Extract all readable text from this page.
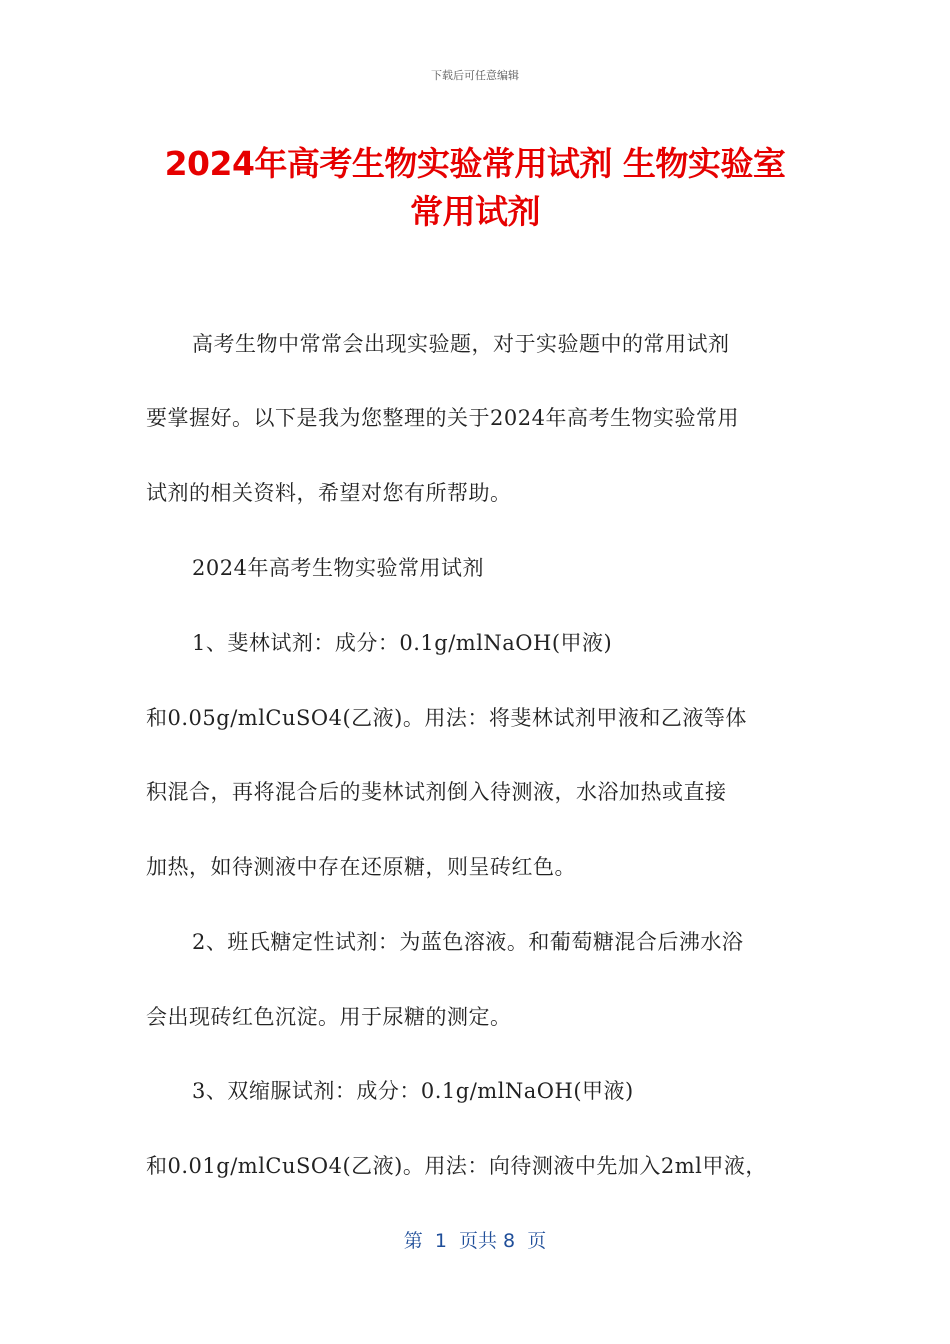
下载后可任意编辑
2024年高考生物实验常用试剂 生物实验室
常用试剂
高考生物中常常会出现实验题，对于实验题中的常用试剂
要掌握好。以下是我为您整理的关于2024年高考生物实验常用
试剂的相关资料，希望对您有所帮助。
2024年高考生物实验常用试剂
1、斐林试剂：成分：0.1g/mlNaOH(甲液)
和0.05g/mlCuSO4(乙液)。用法：将斐林试剂甲液和乙液等体
积混合，再将混合后的斐林试剂倒入待测液，水浴加热或直接
加热，如待测液中存在还原糖，则呈砖红色。
2、班氏糖定性试剂：为蓝色溶液。和葡萄糖混合后沸水浴
会出现砖红色沉淀。用于尿糖的测定。
3、双缩脲试剂：成分：0.1g/mlNaOH(甲液)
和0.01g/mlCuSO4(乙液)。用法：向待测液中先加入2ml甲液，
第  1  页共 8  页
